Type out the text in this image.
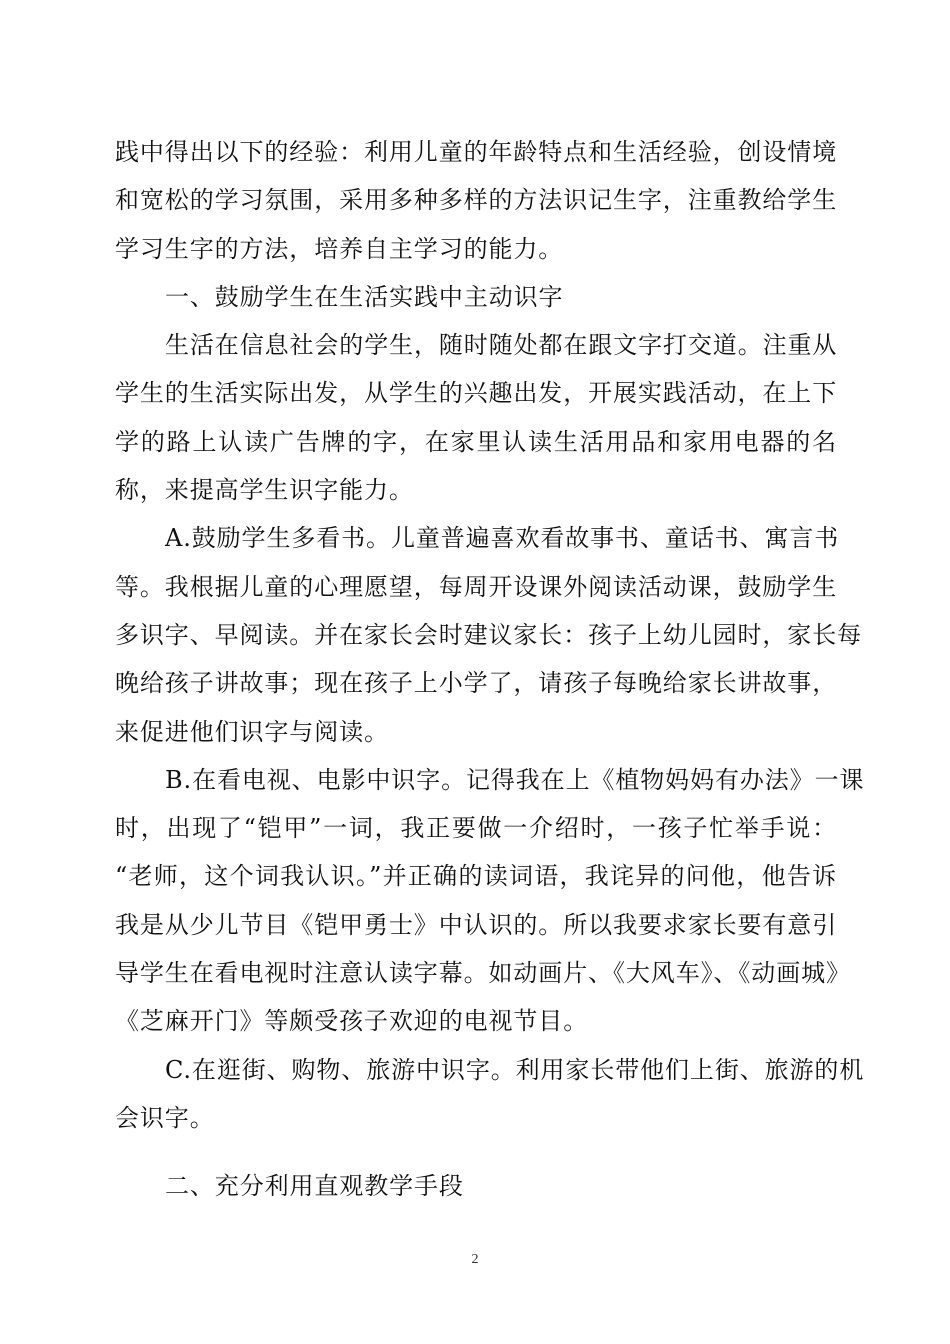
践中得出以下的经验：利用儿童的年龄特点和生活经验，创设情境
和宽松的学习氛围，采用多种多样的方法识记生字，注重教给学生
学习生字的方法，培养自主学习的能力。
一、鼓励学生在生活实践中主动识字
生活在信息社会的学生，随时随处都在跟文字打交道。注重从
学生的生活实际出发，从学生的兴趣出发，开展实践活动，在上下
学的路上认读广告牌的字，在家里认读生活用品和家用电器的名
称，来提高学生识字能力。
A.鼓励学生多看书。儿童普遍喜欢看故事书、童话书、寓言书
等。我根据儿童的心理愿望，每周开设课外阅读活动课，鼓励学生
多识字、早阅读。并在家长会时建议家长：孩子上幼儿园时，家长每
晚给孩子讲故事；现在孩子上小学了，请孩子每晚给家长讲故事，
来促进他们识字与阅读。
B.在看电视、电影中识字。记得我在上《植物妈妈有办法》一课
时，出现了“铠甲”一词，我正要做一介绍时，一孩子忙举手说：
“老师，这个词我认识。”并正确的读词语，我诧异的问他，他告诉
我是从少儿节目《铠甲勇士》中认识的。所以我要求家长要有意引
导学生在看电视时注意认读字幕。如动画片、《大风车》、《动画城》
《芝麻开门》等颇受孩子欢迎的电视节目。
C.在逛街、购物、旅游中识字。利用家长带他们上街、旅游的机
会识字。
二、充分利用直观教学手段
2
